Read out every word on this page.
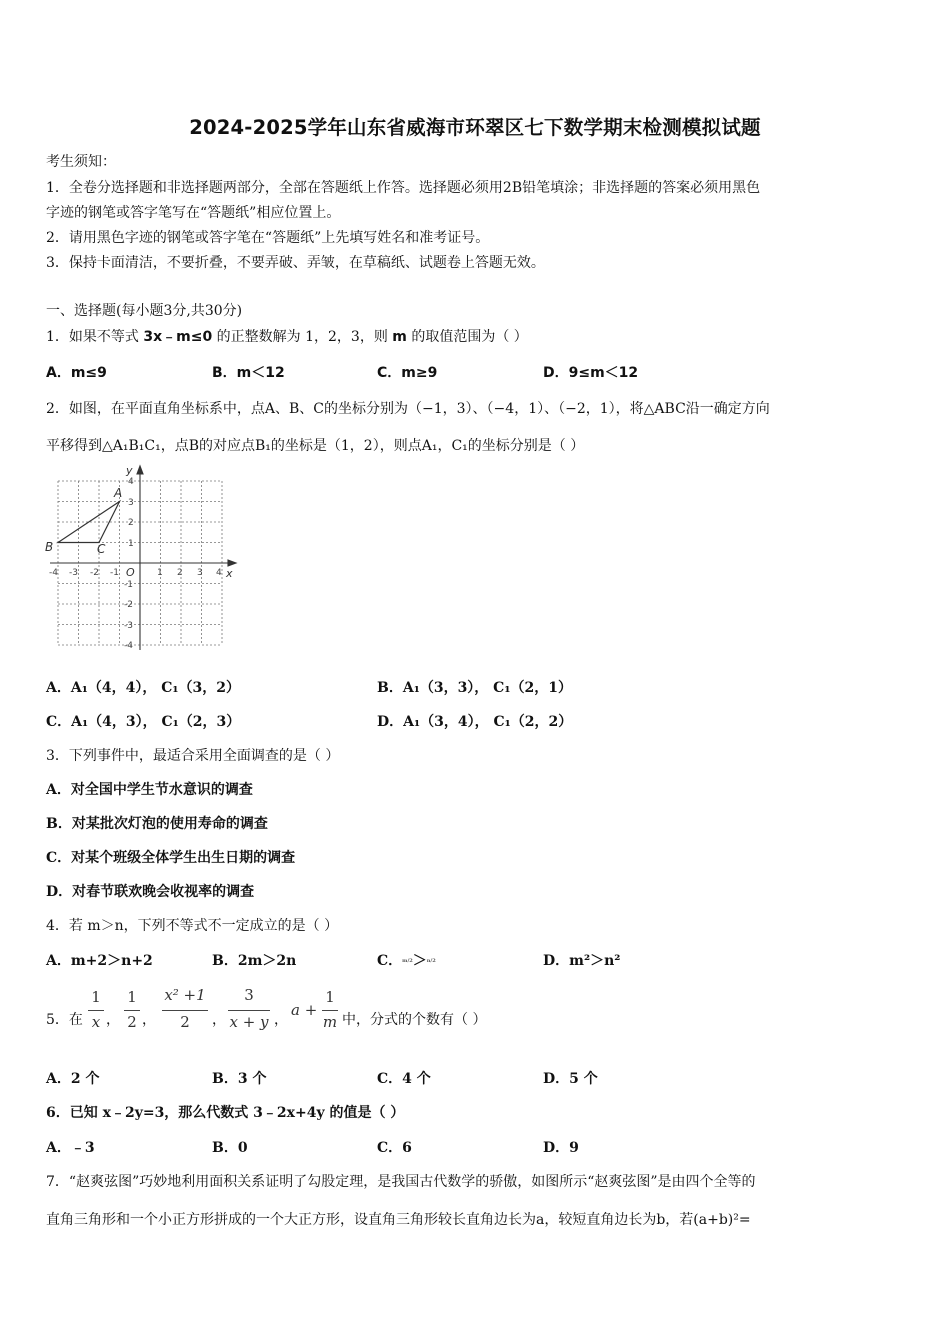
2024-2025学年山东省威海市环翠区七下数学期末检测模拟试题
考生须知：
1．全卷分选择题和非选择题两部分，全部在答题纸上作答。选择题必须用2B铅笔填涂；非选择题的答案必须用黑色
字迹的钢笔或答字笔写在“答题纸”相应位置上。
2．请用黑色字迹的钢笔或答字笔在“答题纸”上先填写姓名和准考证号。
3．保持卡面清洁，不要折叠，不要弄破、弄皱，在草稿纸、试题卷上答题无效。
一、选择题(每小题3分,共30分)
1．如果不等式 3x﹣m≤0 的正整数解为 1，2，3，则 m 的取值范围为（ ）
A．m≤9	B．m＜12	C．m≥9	D．9≤m＜12
2．如图，在平面直角坐标系中，点A、B、C的坐标分别为（−1，3）、（−4，1）、（−2，1），将△ABC沿一确定方向
平移得到△A₁B₁C₁，点B的对应点B₁的坐标是（1，2），则点A₁，C₁的坐标分别是（ ）
x
y
O
-4 -3 -2 -1	1 2 3 4
4
3
2
1
-1
-2
-3
-4
A
B	C
A．A₁（4，4）， C₁（3，2）	B．A₁（3，3）， C₁（2，1）
C．A₁（4，3）， C₁（2，3）	D．A₁（3，4）， C₁（2，2）
3．下列事件中，最适合采用全面调查的是（ ）
A．对全国中学生节水意识的调查
B．对某批次灯泡的使用寿命的调查
C．对某个班级全体学生出生日期的调查
D．对春节联欢晚会收视率的调查
4．若 m＞n，下列不等式不一定成立的是（ ）
A．m+2＞n+2	B．2m＞2n	C．m/2＞n/2	D．m²＞n²
5．在
1
x ，
1
2 ，
x² +1
2	，
3
x + y ，
a +
1
m 中，分式的个数有（ ）
A．2 个	B．3 个	C．4 个	D．5 个
6．已知 x﹣2y=3，那么代数式 3﹣2x+4y 的值是（ ）
A．﹣3	B．0	C．6	D．9
7．“赵爽弦图”巧妙地利用面积关系证明了勾股定理，是我国古代数学的骄傲，如图所示“赵爽弦图”是由四个全等的
直角三角形和一个小正方形拼成的一个大正方形，设直角三角形较长直角边长为a，较短直角边长为b，若(a+b)²=
